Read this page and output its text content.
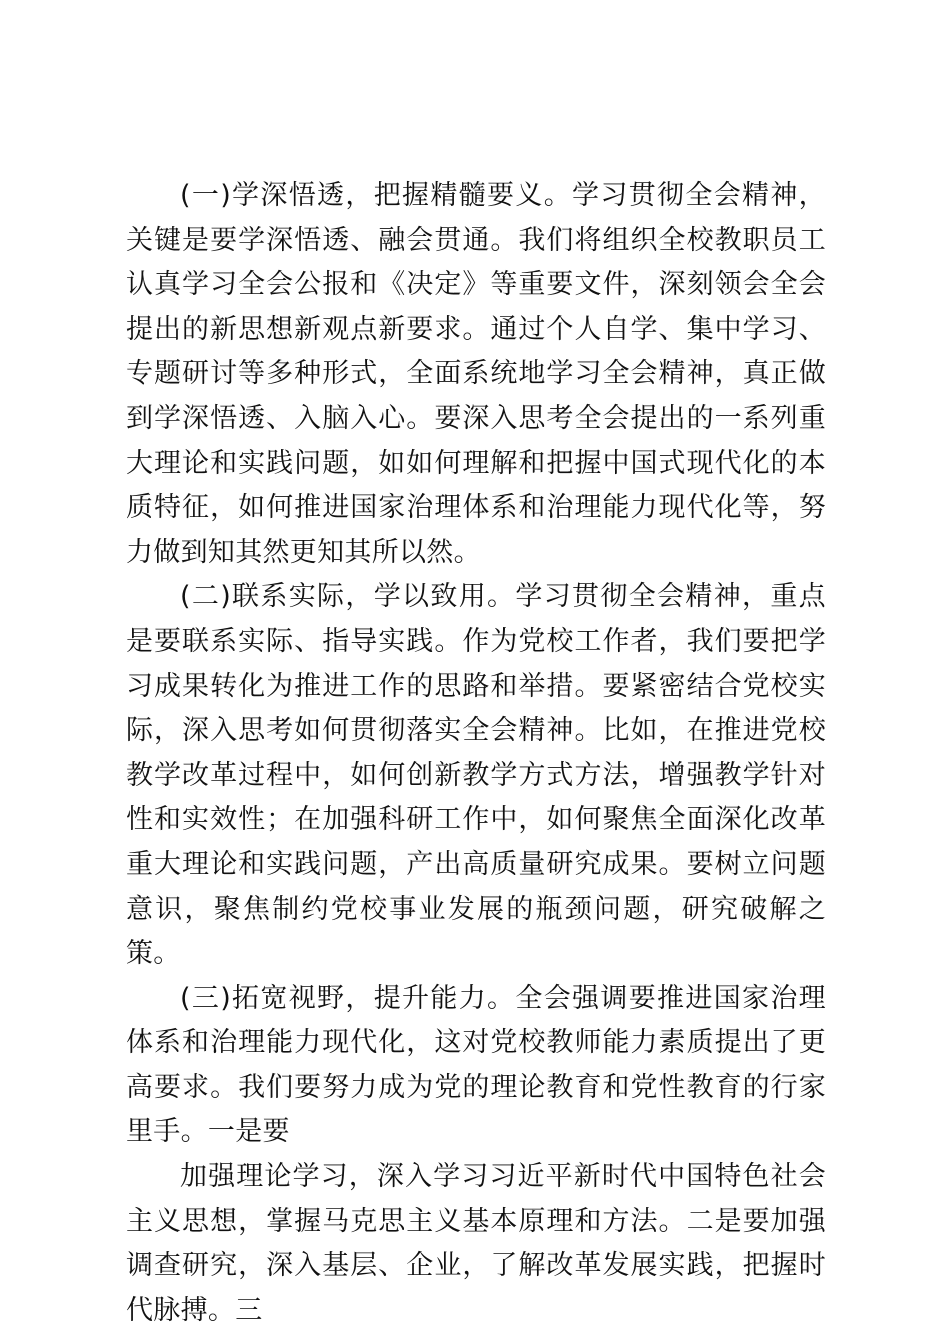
(一)学深悟透，把握精髓要义。学习贯彻全会精神，关键是要学深悟透、融会贯通。我们将组织全校教职员工认真学习全会公报和《决定》等重要文件，深刻领会全会提出的新思想新观点新要求。通过个人自学、集中学习、专题研讨等多种形式，全面系统地学习全会精神，真正做到学深悟透、入脑入心。要深入思考全会提出的一系列重大理论和实践问题，如如何理解和把握中国式现代化的本质特征，如何推进国家治理体系和治理能力现代化等，努力做到知其然更知其所以然。

(二)联系实际，学以致用。学习贯彻全会精神，重点是要联系实际、指导实践。作为党校工作者，我们要把学习成果转化为推进工作的思路和举措。要紧密结合党校实际，深入思考如何贯彻落实全会精神。比如，在推进党校教学改革过程中，如何创新教学方式方法，增强教学针对性和实效性；在加强科研工作中，如何聚焦全面深化改革重大理论和实践问题，产出高质量研究成果。要树立问题意识，聚焦制约党校事业发展的瓶颈问题，研究破解之策。

(三)拓宽视野，提升能力。全会强调要推进国家治理体系和治理能力现代化，这对党校教师能力素质提出了更高要求。我们要努力成为党的理论教育和党性教育的行家里手。一是要

加强理论学习，深入学习习近平新时代中国特色社会主义思想，掌握马克思主义基本原理和方法。二是要加强调查研究，深入基层、企业，了解改革发展实践，把握时代脉搏。三
